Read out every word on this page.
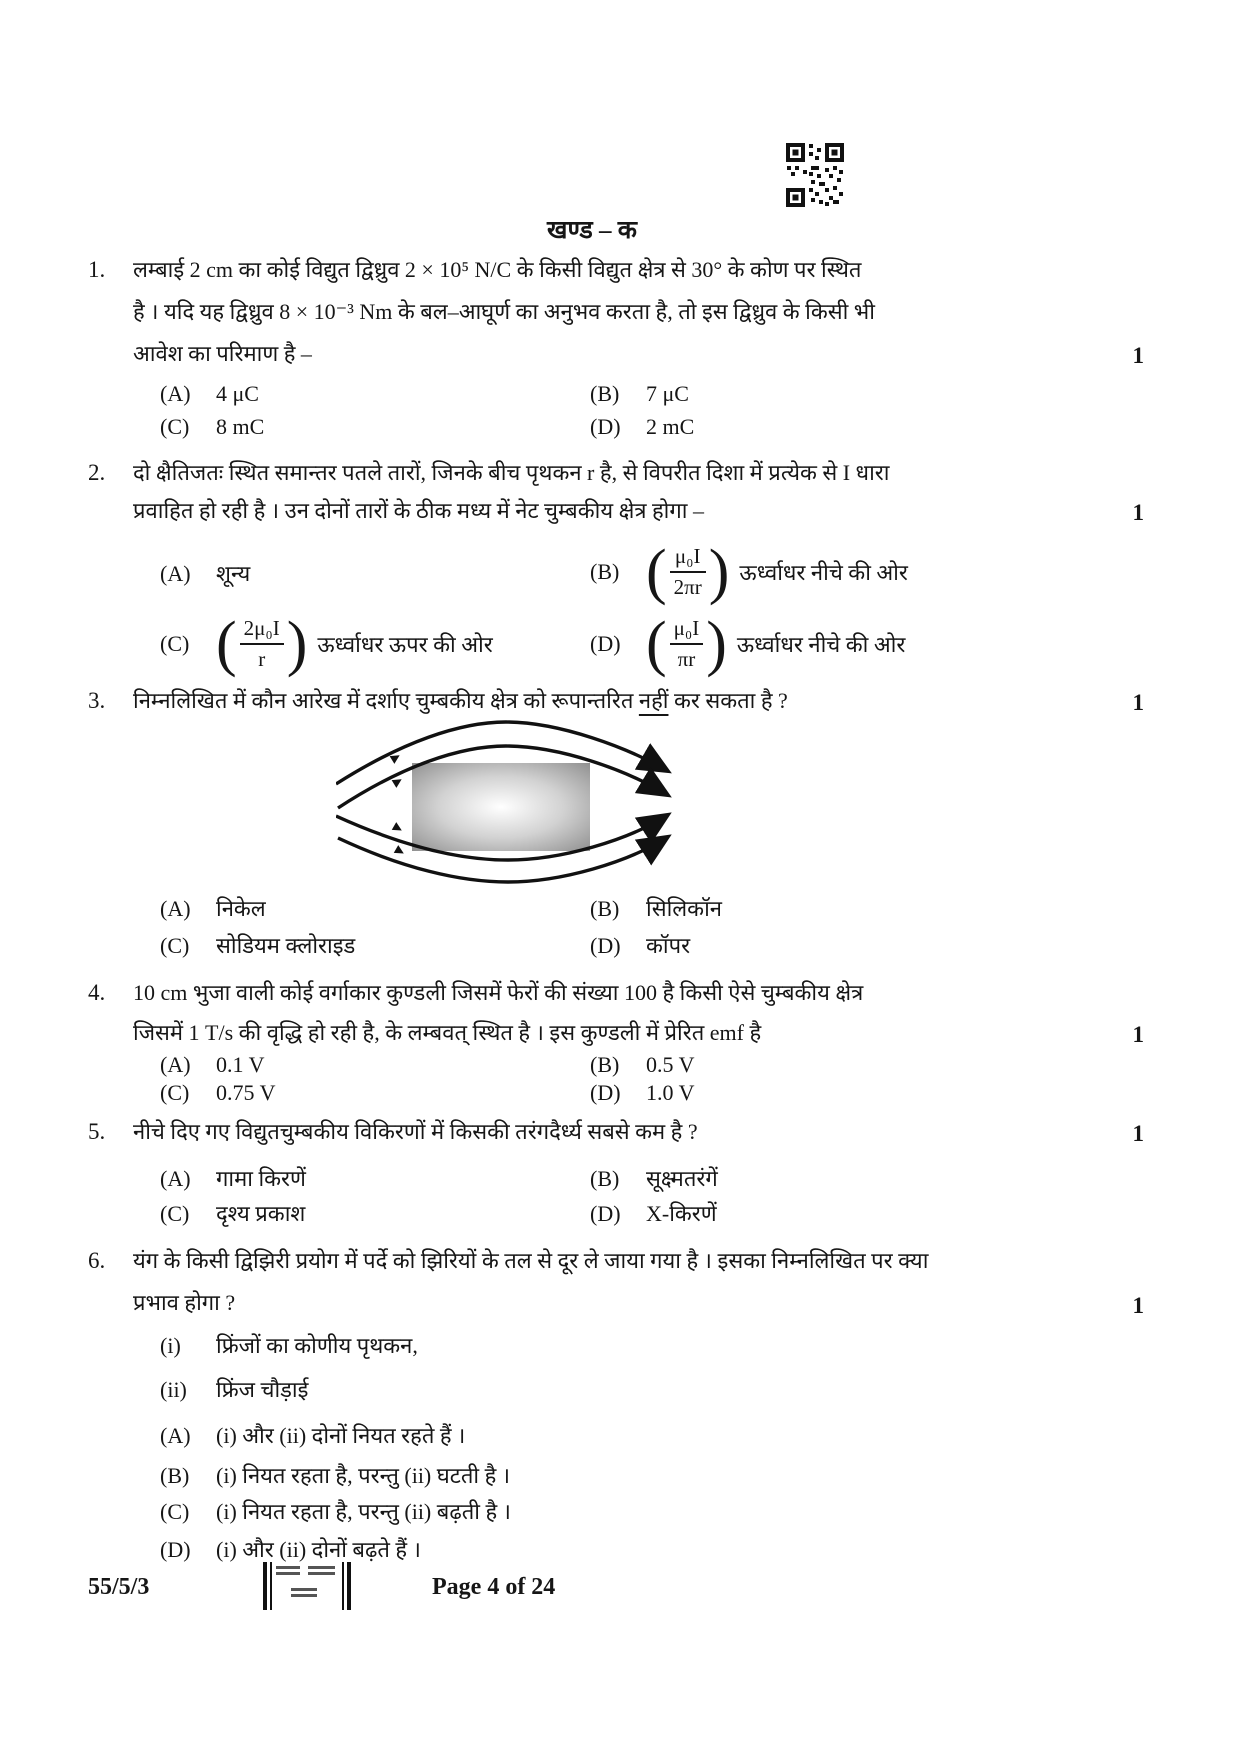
खण्ड – क
1. लम्बाई 2 cm का कोई विद्युत द्विध्रुव 2 × 10⁵ N/C के किसी विद्युत क्षेत्र से 30° के कोण पर स्थित
है । यदि यह द्विध्रुव 8 × 10⁻³ Nm के बल–आघूर्ण का अनुभव करता है, तो इस द्विध्रुव के किसी भी
आवेश का परिमाण है –	1
(A) 4 μC	(B) 7 μC
(C) 8 mC	(D) 2 mC
2. दो क्षैतिजतः स्थित समान्तर पतले तारों, जिनके बीच पृथकन r है, से विपरीत दिशा में प्रत्येक से I धारा
प्रवाहित हो रही है । उन दोनों तारों के ठीक मध्य में नेट चुम्बकीय क्षेत्र होगा –	1
(A) शून्य	(B) ( $\frac{\text{μ₀I}}{2\pi r}$ ) ऊर्ध्वाधर नीचे की ओर
(C) ( $\frac{\text{2μ₀I}}{r}$ ) ऊर्ध्वाधर ऊपर की ओर	(D) ( $\frac{\text{μ₀I}}{\pi r}$ ) ऊर्ध्वाधर नीचे की ओर
3. निम्नलिखित में कौन आरेख में दर्शाए चुम्बकीय क्षेत्र को रूपान्तरित नहीं कर सकता है ?	1
(A) निकेल	(B) सिलिकॉन
(C) सोडियम क्लोराइड	(D) कॉपर
4. 10 cm भुजा वाली कोई वर्गाकार कुण्डली जिसमें फेरों की संख्या 100 है किसी ऐसे चुम्बकीय क्षेत्र
जिसमें 1 T/s की वृद्धि हो रही है, के लम्बवत् स्थित है । इस कुण्डली में प्रेरित emf है	1
(A) 0.1 V	(B) 0.5 V
(C) 0.75 V	(D) 1.0 V
5. नीचे दिए गए विद्युतचुम्बकीय विकिरणों में किसकी तरंगदैर्ध्य सबसे कम है ?	1
(A) गामा किरणें	(B) सूक्ष्मतरंगें
(C) दृश्य प्रकाश	(D) X-किरणें
6. यंग के किसी द्विझिरी प्रयोग में पर्दे को झिरियों के तल से दूर ले जाया गया है । इसका निम्नलिखित पर क्या
प्रभाव होगा ?	1
(i) फ्रिंजों का कोणीय पृथकन,
(ii) फ्रिंज चौड़ाई
(A) (i) और (ii) दोनों नियत रहते हैं ।
(B) (i) नियत रहता है, परन्तु (ii) घटती है ।
(C) (i) नियत रहता है, परन्तु (ii) बढ़ती है ।
(D) (i) और (ii) दोनों बढ़ते हैं ।
55/5/3	Page 4 of 24
